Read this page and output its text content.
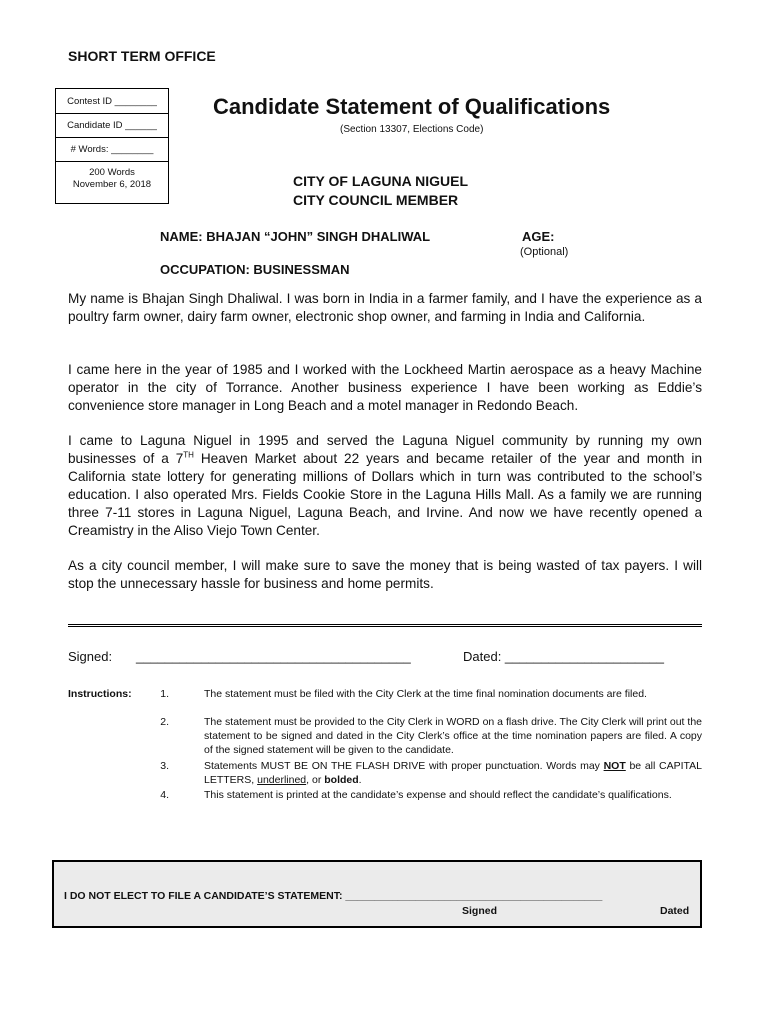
SHORT TERM OFFICE
Contest ID ________
Candidate ID ______
# Words: ________
200 Words
November 6, 2018
Candidate Statement of Qualifications
(Section 13307, Elections Code)
CITY OF LAGUNA NIGUEL
CITY COUNCIL MEMBER
NAME: BHAJAN “JOHN” SINGH DHALIWAL	AGE:
(Optional)
OCCUPATION: BUSINESSMAN

My name is Bhajan Singh Dhaliwal. I was born in India in a farmer family, and I have the experience as a poultry farm owner, dairy farm owner, electronic shop owner, and farming in India and California.

I came here in the year of 1985 and I worked with the Lockheed Martin aerospace as a heavy Machine operator in the city of Torrance. Another business experience I have been working as Eddie’s convenience store manager in Long Beach and a motel manager in Redondo Beach.

I came to Laguna Niguel in 1995 and served the Laguna Niguel community by running my own businesses of a 7TH Heaven Market about 22 years and became retailer of the year and month in California state lottery for generating millions of Dollars which in turn was contributed to the school’s education. I also operated Mrs. Fields Cookie Store in the Laguna Hills Mall. As a family we are running three 7-11 stores in Laguna Niguel, Laguna Beach, and Irvine. And now we have recently opened a Creamistry in the Aliso Viejo Town Center.

As a city council member, I will make sure to save the money that is being wasted of tax payers. I will stop the unnecessary hassle for business and home permits.

Signed: ______________________________________	Dated: ______________________
Instructions:	1.	The statement must be filed with the City Clerk at the time final nomination documents are filed.

2.	The statement must be provided to the City Clerk in WORD on a flash drive. The City Clerk will print out the statement to be signed and dated in the City Clerk’s office at the time nomination papers are filed. A copy of the signed statement will be given to the candidate.

3.	Statements MUST BE ON THE FLASH DRIVE with proper punctuation. Words may NOT be all CAPITAL LETTERS, underlined, or bolded.

4.	This statement is printed at the candidate’s expense and should reflect the candidate’s qualifications.

I DO NOT ELECT TO FILE A CANDIDATE’S STATEMENT: ____________________________________________
Signed	Dated
